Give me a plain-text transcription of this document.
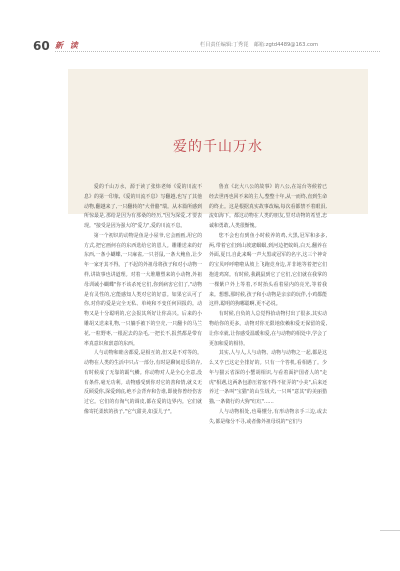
60 新 读	栏目责任编辑:丁秀琵　邮箱:zgtd4489@163.com
爱的千山万水

爱的千山万水，源于读了张炜老师《爱的川流不息》的第一印象,《爱的川流不息》写翻越,也写了其他动物,翻越来了,一只翻转的"大骨骼"瑞。从本篇所感到所惊最是,那给是因为有那桑的经历,"因为深爱,才要表现。"接受是因为强大的"爱力",爱的川流不息。

第一个初识的动物是鱼是小屋爷,它会画画,用它的方式,把它画何在的东西选给它的恩人。雕雕送来的好东西,一条小蝴蝶,一只麻雀,一只苔鼠,一条大鲍鱼,让少年一家牙其不得。了不起的外祖母将孩子和对小动物一样,讲故事也讲道理。对着一大堆雕塑来的小动物,外祖母训诫小蝴蝶"你不该杀死它们,你到病害它们了,"动物是有灵性的,它能感知人类对它的好意。如果它认可了你,对你的爱是完全无私、单纯和不变任何回报的。动物又是十分聪明的,它会报其所好让你高兴。后来的小雕胡又送来礼物,一只躺手被下的空壳,一只翻卡的马兰花,一粒野枣,一根泥去的杂毛,一把长不,报然都是带有率真意识和禀意的东西。

人与动物和睦舍都爱,是相互的,但又是不对等的。动物在人类的生活中只占一部分,有时是聊间逗乐的存,有时候成了无靠的霸气鳞。你动物对人是全心全意,没有条件,毫无功利。动物感受到你对它的善和情,就义无反顾爱你,深爱到底,绝不会背弃和告谁,即使你曾经伤害过它。它们的有淘气的调皮,都在爱的边界内。它们就像寄托柔软的孩子,"它气甜美,如蛋儿子"。

鲁直《北大八公的故事》的八公,在站台等候着已经去世再也回不来的主人,整整十年,从一而终,直到生命的终止。这是根据真实故事改编,每次看都禁不着眼泪,流如海下。都这动物在人类的朋友,里对动物的希望,忠诚和勇敢,人类很惭愧。

您不会也有到鱼小时候养的鸡,大黑,冠军和多多,两,带着它们到山坡逮蝈蝈,到河边把蚊蚂,白天,翻养在外面,夏日,自此来喝一声大黑或冠军的名字,这三个神奇的宝贝呼呼啦啦从坡上飞跑竞身边,并非地等着把它们抱进鸡窝。有时候,我跳鼠到它了它们,它们就在我掌的一棵紫户外上等着,不时抬头看着屋内的亮光,等着我来。想想,那时候,孩子和小动物是亲亲的玩伴,小鸡都能这样,聪明的狗哪聪啊,更不必说。

有时候,自负的人总觉得拾动物付出了很多,其实动物给你的更多。动物对你无限地依赖和爱无保留的爱,让你幸就,让你感受温暖和爱,在与动物的相处中,学会了更加和爱的相待。

其实,人与人,人与动物、动物与动物之一起,都是这么又亨已这定全排好的。只有一个答机,看相遇了。少年与猫云省深的小蟹胡相识,与看着面护国者人的"走虎"相遇,这两条包游压着塞不得不征弄的"小美",后来还养过一条叫"宝猫"的山生绒犬,一只叫"意其"的美丽猎猫,一条微行的大狗"红红"……

人与动物相处,也蓦懂分,有形动物亲手三边,或去失,都是缘分不寻,或者像外祖母说的"它们与
